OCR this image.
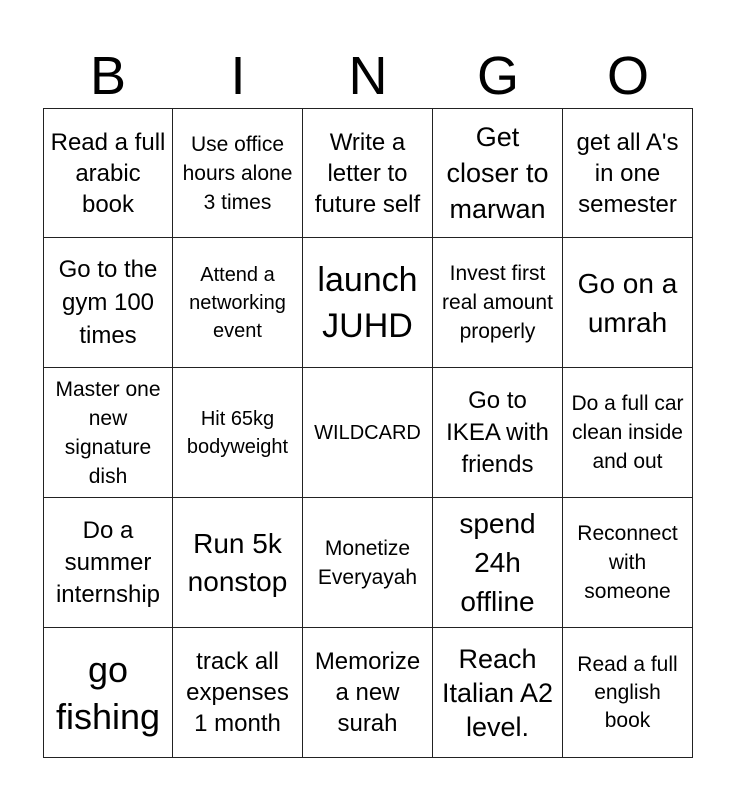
B	I	N	G	O
Read a full arabic book
Use office hours alone 3 times
Write a letter to future self
Get closer to marwan
get all A's in one semester
Go to the gym 100 times
Attend a networking event
launch JUHD
Invest first real amount properly
Go on a umrah
Master one new signature dish
Hit 65kg bodyweight
WILDCARD
Go to IKEA with friends
Do a full car clean inside and out
Do a summer internship
Run 5k nonstop
Monetize Everyayah
spend 24h offline
Reconnect with someone
go fishing
track all expenses 1 month
Memorize a new surah
Reach Italian A2 level.
Read a full english book
